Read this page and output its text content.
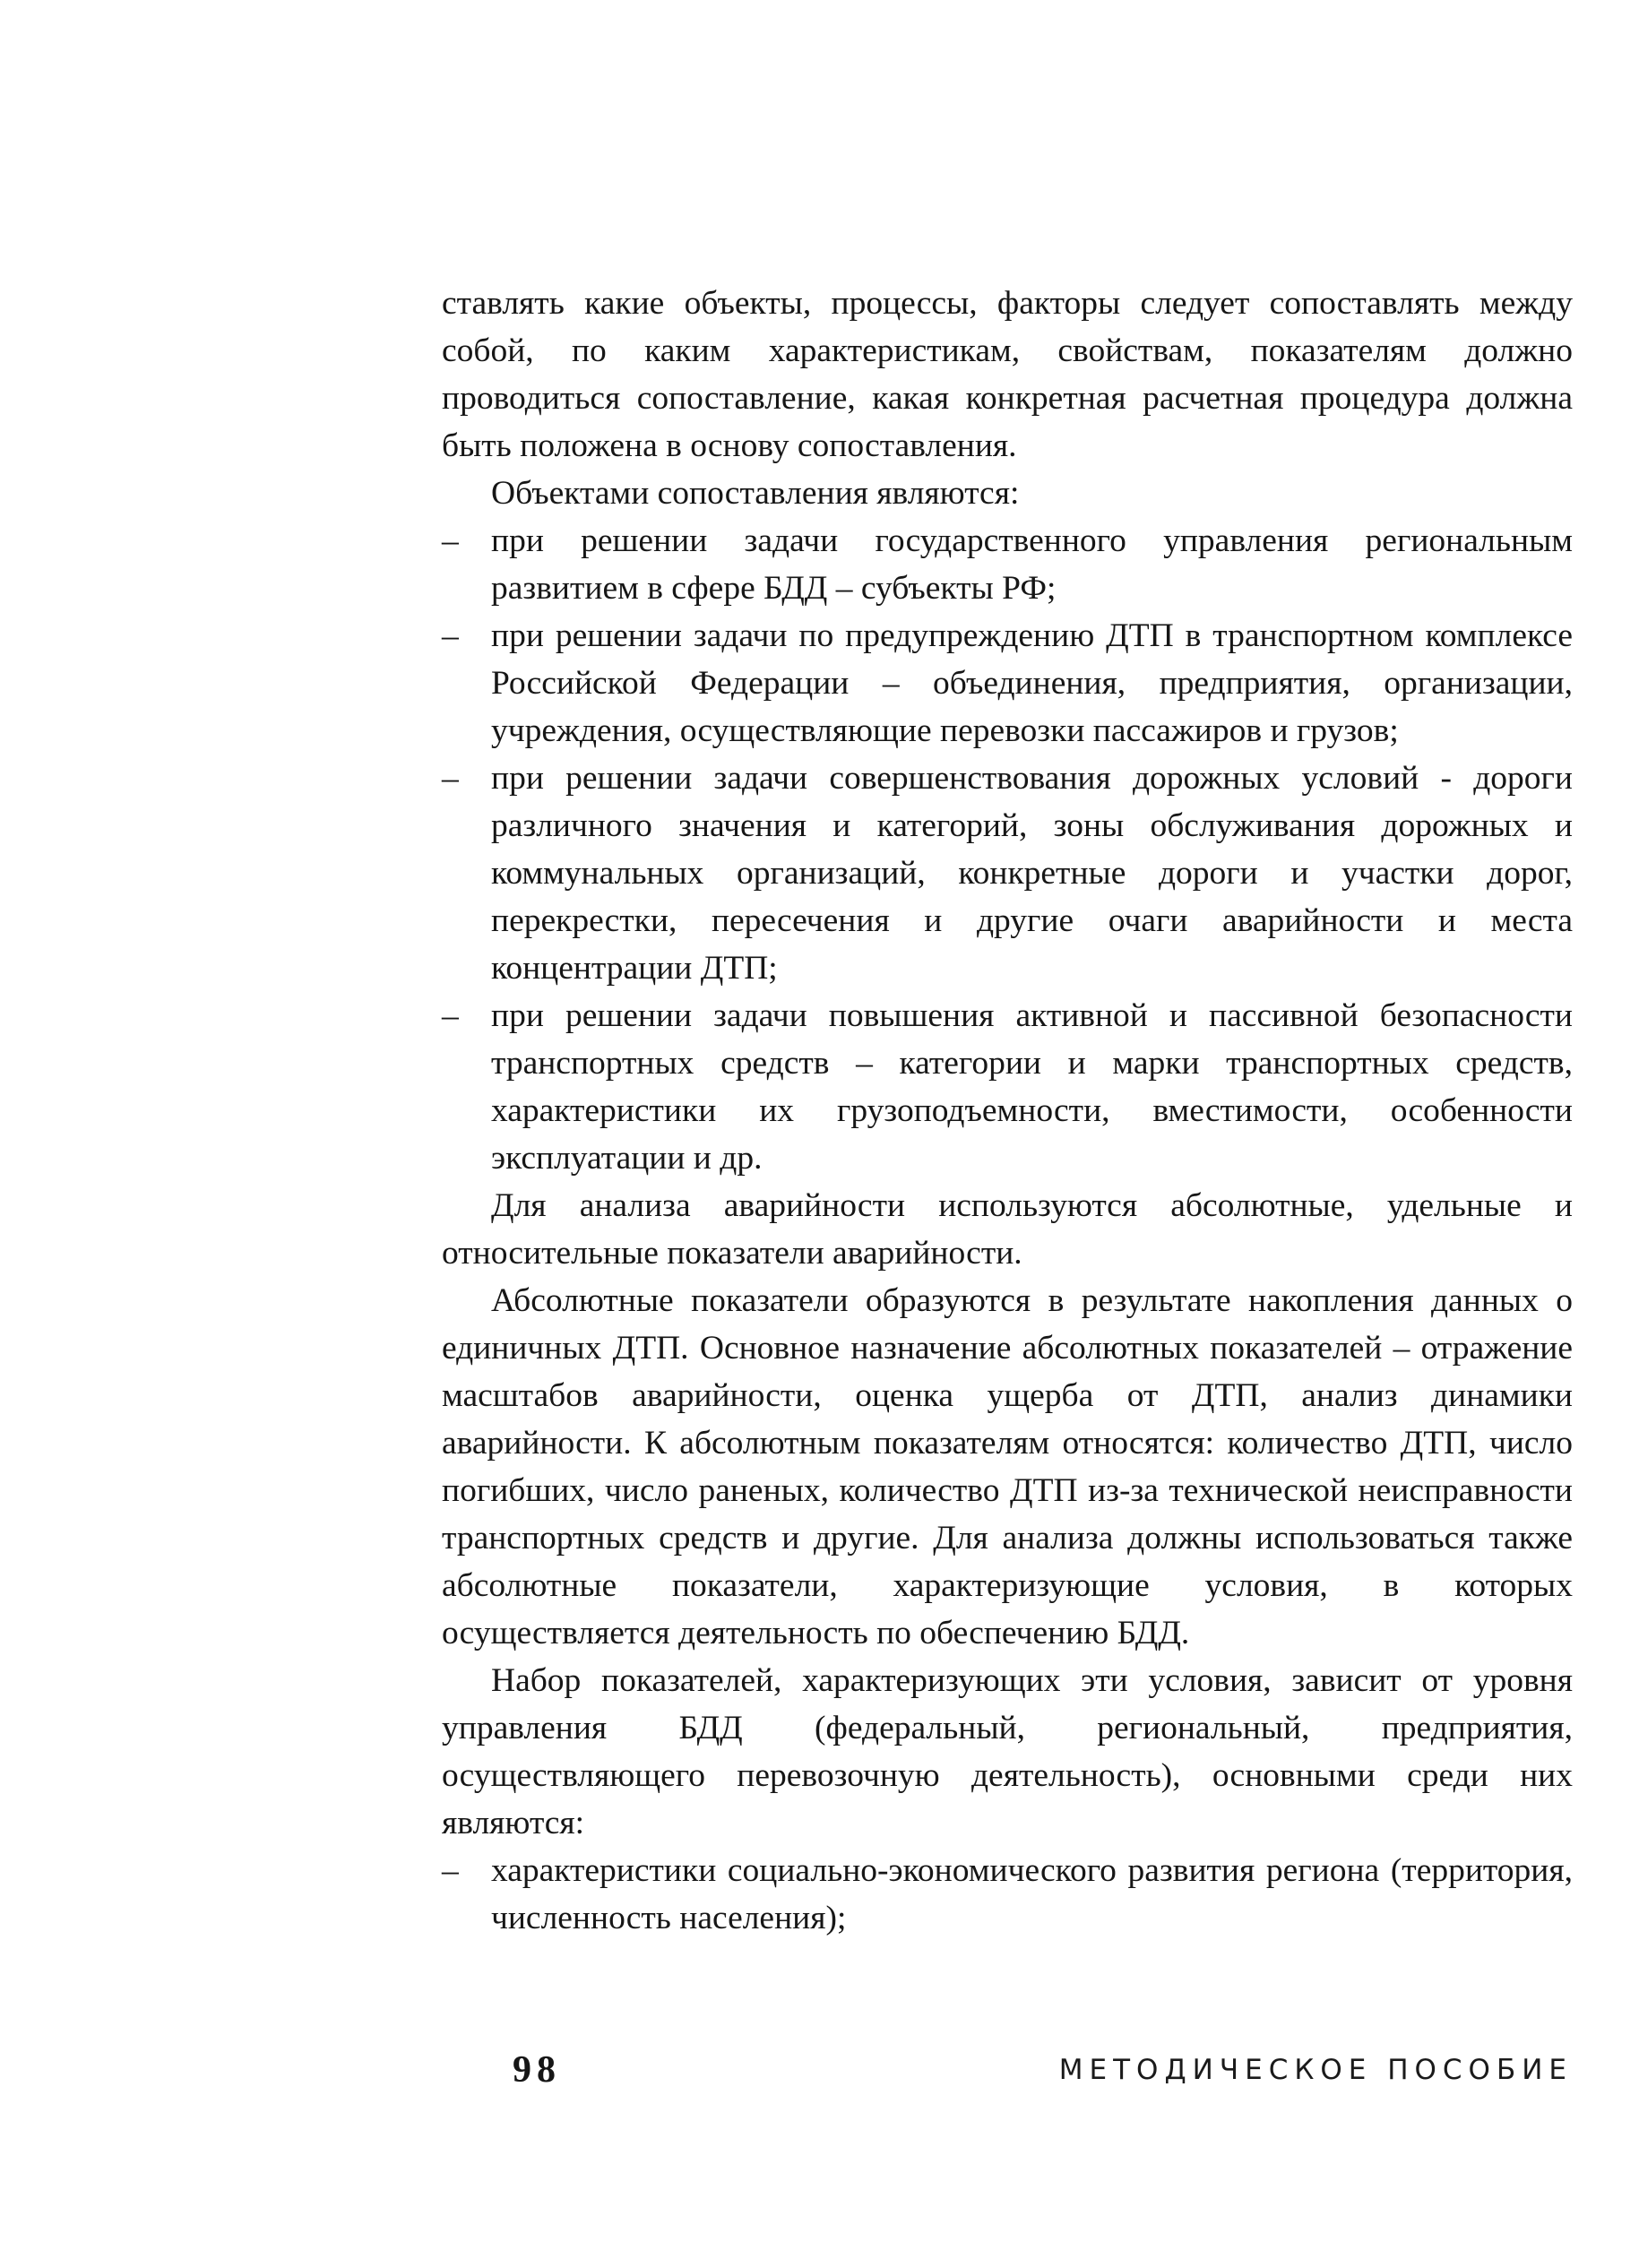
ставлять какие объекты, процессы, факторы следует сопоставлять между собой, по каким характеристикам, свойствам, показателям должно проводиться сопоставление, какая конкретная расчетная процедура должна быть положена в основу сопоставления.

Объектами сопоставления являются:

– при решении задачи государственного управления региональным развитием в сфере БДД – субъекты РФ;
– при решении задачи по предупреждению ДТП в транспортном комплексе Российской Федерации – объединения, предприятия, организации, учреждения, осуществляющие перевозки пассажиров и грузов;
– при решении задачи совершенствования дорожных условий - дороги различного значения и категорий, зоны обслуживания дорожных и коммунальных организаций, конкретные дороги и участки дорог, перекрестки, пересечения и другие очаги аварийности и места концентрации ДТП;
– при решении задачи повышения активной и пассивной безопасности транспортных средств – категории и марки транспортных средств, характеристики их грузоподъемности, вместимости, особенности эксплуатации и др.

Для анализа аварийности используются абсолютные, удельные и относительные показатели аварийности.

Абсолютные показатели образуются в результате накопления данных о единичных ДТП. Основное назначение абсолютных показателей – отражение масштабов аварийности, оценка ущерба от ДТП, анализ динамики аварийности. К абсолютным показателям относятся: количество ДТП, число погибших, число раненых, количество ДТП из-за технической неисправности транспортных средств и другие. Для анализа должны использоваться также абсолютные показатели, характеризующие условия, в которых осуществляется деятельность по обеспечению БДД.

Набор показателей, характеризующих эти условия, зависит от уровня управления БДД (федеральный, региональный, предприятия, осуществляющего перевозочную деятельность), основными среди них являются:

– характеристики социально-экономического развития региона (территория, численность населения);
98	МЕТОДИЧЕСКОЕ ПОСОБИЕ
